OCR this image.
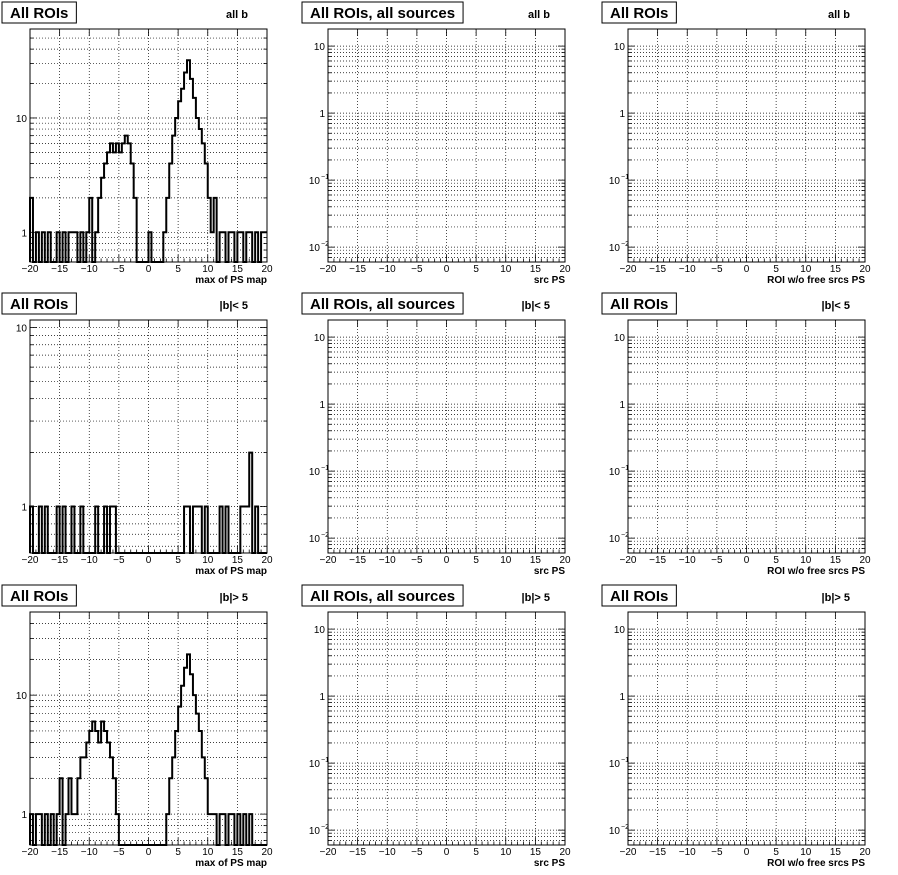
−20 −15 −10 −5 0 5 10 15 20
1
10
max of PS map
All ROIs	all b
−20 −15 −10 −5 0 5 10 15 20
10 −2
10 −1
1
10
src PS
All ROIs, all sources	all b
−20 −15 −10 −5 0 5 10 15 20
10 −2
10 −1
1
10
ROI w/o free srcs PS
All ROIs	all b
−20 −15 −10 −5 0 5 10 15 20
1
10
max of PS map
All ROIs	|b|< 5
−20 −15 −10 −5 0 5 10 15 20
10 −2
10 −1
1
10
src PS
All ROIs, all sources	|b|< 5
−20 −15 −10 −5 0 5 10 15 20
10 −2
10 −1
1
10
ROI w/o free srcs PS
All ROIs	|b|< 5
−20 −15 −10 −5 0 5 10 15 20
1
10
max of PS map
All ROIs	|b|> 5
−20 −15 −10 −5 0 5 10 15 20
10 −2
10 −1
1
10
src PS
All ROIs, all sources	|b|> 5
−20 −15 −10 −5 0 5 10 15 20
10 −2
10 −1
1
10
ROI w/o free srcs PS
All ROIs	|b|> 5
